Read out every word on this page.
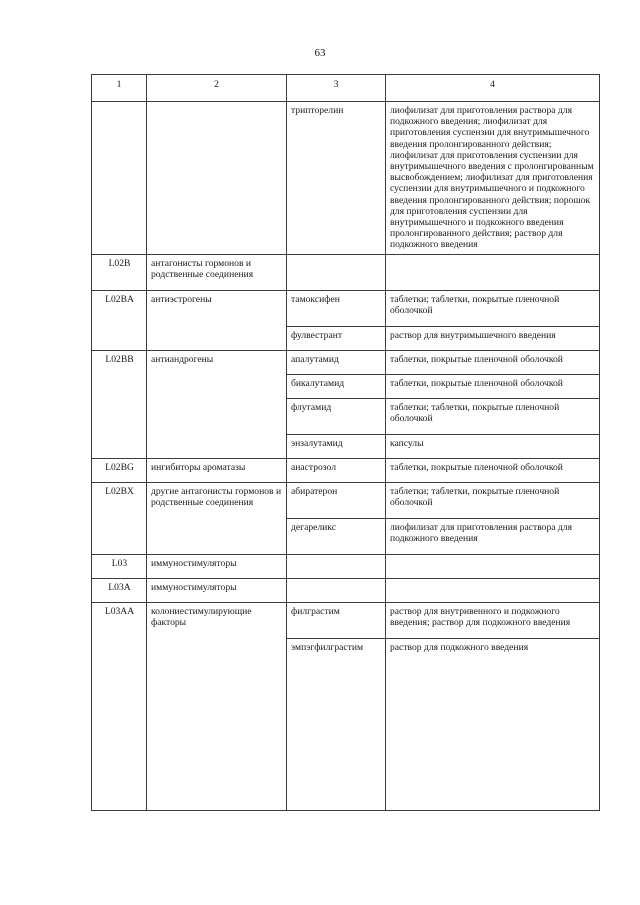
63
1	2	3	4
		трипторелин	лиофилизат для приготовления раствора для подкожного введения; лиофилизат для приготовления суспензии для внутримышечного введения пролонгированного действия; лиофилизат для приготовления суспензии для внутримышечного введения с пролонгированным высвобождением; лиофилизат для приготовления суспензии для внутримышечного и подкожного введения пролонгированного действия; порошок для приготовления суспензии для внутримышечного и подкожного введения пролонгированного действия; раствор для подкожного введения
L02B	антагонисты гормонов и родственные соединения		
L02BA	антиэстрогены	тамоксифен	таблетки; таблетки, покрытые пленочной оболочкой
		фулвестрант	раствор для внутримышечного введения
L02BB	антиандрогены	апалутамид	таблетки, покрытые пленочной оболочкой
		бикалутамид	таблетки, покрытые пленочной оболочкой
		флутамид	таблетки; таблетки, покрытые пленочной оболочкой
		энзалутамид	капсулы
L02BG	ингибиторы ароматазы	анастрозол	таблетки, покрытые пленочной оболочкой
L02BX	другие антагонисты гормонов и родственные соединения	абиратерон	таблетки; таблетки, покрытые пленочной оболочкой
		дегареликс	лиофилизат для приготовления раствора для подкожного введения
L03	иммуностимуляторы		
L03A	иммуностимуляторы		
L03AA	колониестимулирующие факторы	филграстим	раствор для внутривенного и подкожного введения; раствор для подкожного введения
		эмпэгфилграстим	раствор для подкожного введения
